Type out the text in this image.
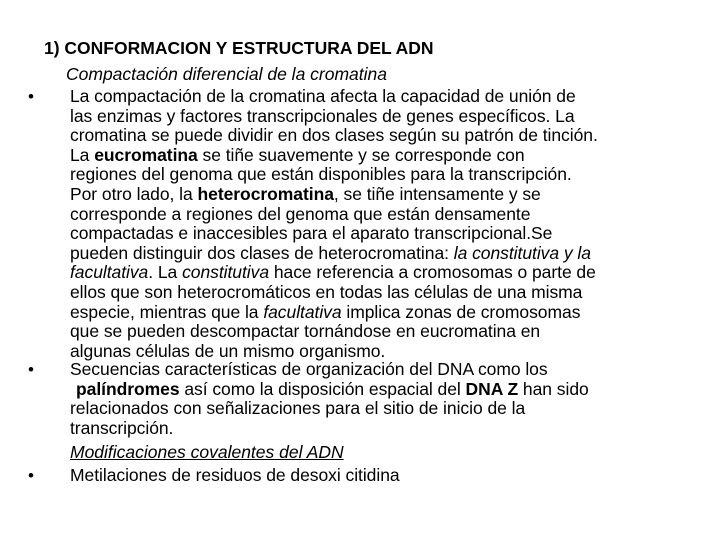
1) CONFORMACION Y ESTRUCTURA DEL ADN
Compactación diferencial de la cromatina
• La compactación de la cromatina afecta la capacidad de unión de
las enzimas y factores transcripcionales de genes específicos. La
cromatina se puede dividir en dos clases según su patrón de tinción.
La eucromatina se tiñe suavemente y se corresponde con
regiones del genoma que están disponibles para la transcripción.
Por otro lado, la heterocromatina, se tiñe intensamente y se
corresponde a regiones del genoma que están densamente
compactadas e inaccesibles para el aparato transcripcional.Se
pueden distinguir dos clases de heterocromatina: la constitutiva y la
facultativa. La constitutiva hace referencia a cromosomas o parte de
ellos que son heterocromáticos en todas las células de una misma
especie, mientras que la facultativa implica zonas de cromosomas
que se pueden descompactar tornándose en eucromatina en
algunas células de un mismo organismo.
• Secuencias características de organización del DNA como los
palíndromes así como la disposición espacial del DNA Z han sido
relacionados con señalizaciones para el sitio de inicio de la
transcripción.
Modificaciones covalentes del ADN
• Metilaciones de residuos de desoxi citidina
